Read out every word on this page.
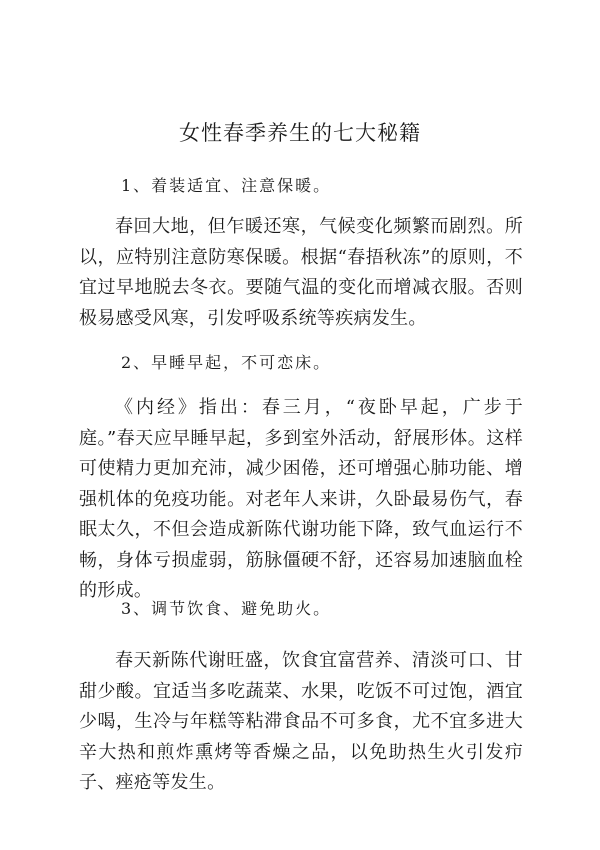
女性春季养生的七大秘籍
1、着装适宜、注意保暖。
春回大地，但乍暖还寒，气候变化频繁而剧烈。所以，应特别注意防寒保暖。根据“春捂秋冻”的原则，不宜过早地脱去冬衣。要随气温的变化而增减衣服。否则极易感受风寒，引发呼吸系统等疾病发生。
2、早睡早起，不可恋床。
《内经》指出：春三月，“夜卧早起，广步于庭。”春天应早睡早起，多到室外活动，舒展形体。这样可使精力更加充沛，减少困倦，还可增强心肺功能、增强机体的免疫功能。对老年人来讲，久卧最易伤气，春眠太久，不但会造成新陈代谢功能下降，致气血运行不畅，身体亏损虚弱，筋脉僵硬不舒，还容易加速脑血栓的形成。
3、调节饮食、避免助火。
春天新陈代谢旺盛，饮食宜富营养、清淡可口、甘甜少酸。宜适当多吃蔬菜、水果，吃饭不可过饱，酒宜少喝，生冷与年糕等粘滞食品不可多食，尤不宜多进大辛大热和煎炸熏烤等香燥之品，以免助热生火引发疖子、痤疮等发生。
